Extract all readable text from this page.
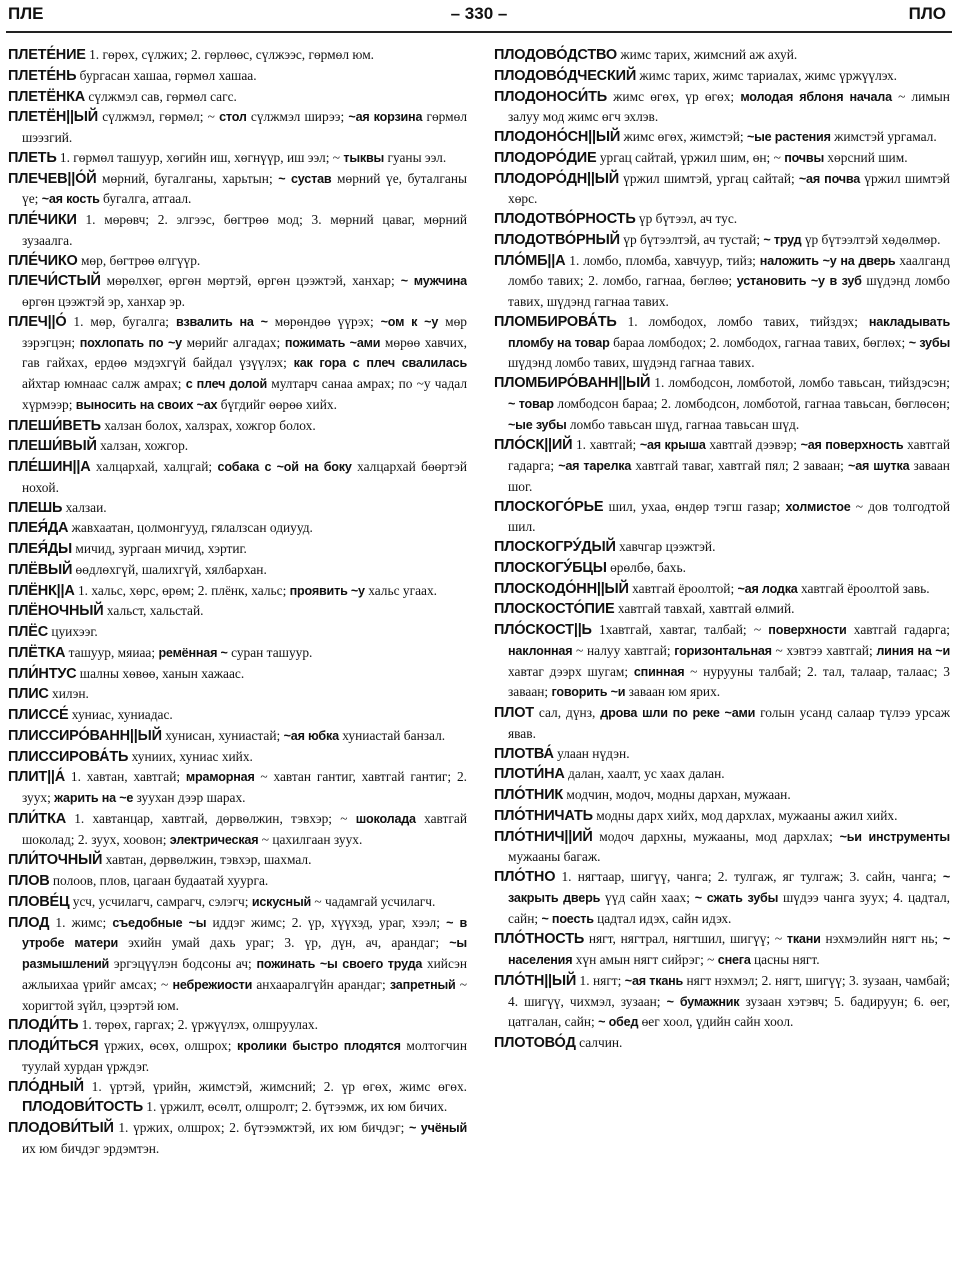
ПЛЕ	– 330 –	ПЛО

ПЛЕТЕ́НИЕ 1. гөрөх, сүлжих; 2. гөрлөөс, сүлжээс, гөрмөл юм.

ПЛЕТЕ́НЬ бургасан хашаа, гөрмөл хашаа.

ПЛЕТЁНКА сүлжмэл сав, гөрмөл сагс.

ПЛЕТЁН||ЫЙ сүлжмэл, гөрмөл; ~ стол сүлжмэл ширээ; ~ая корзина гөрмөл шээзгий.

ПЛЕТЬ 1. гөрмөл ташуур, хөгийн иш, хөгнүүр, иш ээл; ~ тыквы гуаны ээл.

ПЛЕЧЕВ||О́Й мөрний, бугалганы, харьтын; ~ сустав мөрний үе, буталганы үе; ~ая кость бугалга, атгаал.

ПЛЕ́ЧИКИ 1. мөрөвч; 2. элгээс, бөгтрөө мод; 3. мөрний цаваг, мөрний зузаалга.

ПЛЕ́ЧИКО мөр, бөгтрөө өлгүүр.

ПЛЕЧИ́СТЫЙ мөрөлхөг, өргөн мөртэй, өргөн цээжтэй, ханхар; ~ мужчина өргөн цээжтэй эр, ханхар эр.

ПЛЕЧ||О́ 1. мөр, бугалга; взвалить на ~ мөрөндөө үүрэх; ~ом к ~у мөр зэрэгцэн; похлопать по ~у мөрийг алгадах; пожимать ~ами мөрөө хавчих, гав гайхах, ердөө мэдэхгүй байдал үзүүлэх; как гора с плеч свалилась айхтар юмнаас салж амрах; с плеч долой мултарч санаа амрах; по ~у чадал хүрмээр; выносить на своих ~ах бүгдийг өөрөө хийх.

ПЛЕШИ́ВЕТЬ халзан болох, халзрах, хожгор болох.

ПЛЕШИ́ВЫЙ халзан, хожгор.

ПЛЕ́ШИН||А халцархай, халцгай; собака с ~ой на боку халцархай бөөртэй нохой.

ПЛЕШЬ халзаи.

ПЛЕЯ́ДА жавхаатан, цолмонгууд, гялалзсан одиууд.

ПЛЕЯ́ДЫ мичид, зургаан мичид, хэртиг.

ПЛЁВЫЙ өөдлөхгүй, шалихгүй, хялбархан.

ПЛЁНК||А 1. хальс, хөрс, өрөм; 2. плёнк, хальс; проявить ~у хальс угаах.

ПЛЁНОЧНЫЙ хальст, хальстай.

ПЛЁС цуихээг.

ПЛЁТКА ташуур, мяиаа; ремённая ~ суран ташуур.

ПЛИ́НТУС шалны хөвөө, ханын хажаас.

ПЛИС хилэн.

ПЛИССЕ́ хуниас, хуниадас.

ПЛИССИРО́ВАНН||ЫЙ хунисан, хуниастай; ~ая юбка хуниастай банзал.

ПЛИССИРОВА́ТЬ хуниих, хуниас хийх.

ПЛИТ||А́ 1. хавтан, хавтгай; мраморная ~ хавтан гантиг, хавтгай гантиг; 2. зуух; жарить на ~е зуухан дээр шарах.

ПЛИ́ТКА 1. хавтанцар, хавтгай, дөрвөлжин, тэвхэр; ~ шоколада хавтгай шоколад; 2. зуух, хоовон; электрическая ~ цахилгаан зуух.

ПЛИ́ТОЧНЫЙ хавтан, дөрвөлжин, тэвхэр, шахмал.

ПЛОВ полоов, плов, цагаан будаатай хуурга.

ПЛОВЕ́Ц усч, усчилагч, самрагч, сэлэгч; искусный ~ чадамгай усчилагч.

ПЛОД 1. жимс; съедобные ~ы иддэг жимс; 2. үр, хүүхэд, ураг, хээл; ~ в утробе матери эхийн умай дахь ураг; 3. үр, дүн, ач, арандаг; ~ы размышлений эргэцүүлэн бодсоны ач; пожинать ~ы своего труда хийсэн ажлыихаа үрийг амсах; ~ небрежиости анхааралгүйн арандаг; запретный ~ хоригтой зүйл, цээртэй юм.

ПЛОДИ́ТЬ 1. төрөх, гаргах; 2. үржүүлэх, олшруулах.

ПЛОДИ́ТЬСЯ үржих, өсөх, олшрох; кролики быстро плодятся молтогчин туулай хурдан үрждэг.

ПЛО́ДНЫЙ 1. үртэй, үрийн, жимстэй, жимсний; 2. үр өгөх, жимс өгөх. ПЛОДОВИ́ТОСТЬ 1. үржилт, өсөлт, олшролт; 2. бүтээмж, их юм бичих.

ПЛОДОВИ́ТЫЙ 1. үржих, олшрох; 2. бүтээмжтэй, их юм бичдэг; ~ учёный их юм бичдэг эрдэмтэн.

ПЛОДОВО́ДСТВО жимс тарих, жимсний аж ахуй.

ПЛОДОВО́ДЧЕСКИЙ жимс тарих, жимс тариалах, жимс үржүүлэх.

ПЛОДОНОСИ́ТЬ жимс өгөх, үр өгөх; молодая яблоня начала ~ лимын залуу мод жимс өгч эхлэв.

ПЛОДОНО́СН||ЫЙ жимс өгөх, жимстэй; ~ые растения жимстэй ургамал.

ПЛОДОРО́ДИЕ ургац сайтай, үржил шим, өн; ~ почвы хөрсний шим.

ПЛОДОРО́ДН||ЫЙ үржил шимтэй, ургац сайтай; ~ая почва үржил шимтэй хөрс.

ПЛОДОТВО́РНОСТЬ үр бүтээл, ач тус.

ПЛОДОТВО́РНЫЙ үр бүтээлтэй, ач тустай; ~ труд үр бүтээлтэй хөдөлмөр.

ПЛО́МБ||А 1. ломбо, пломба, хавчуур, тийз; наложить ~у на дверь хаалганд ломбо тавих; 2. ломбо, гагнаа, бөглөө; установить ~у в зуб шүдэнд ломбо тавих, шүдэнд гагнаа тавих.

ПЛОМБИРОВА́ТЬ 1. ломбодох, ломбо тавих, тийздэх; накладывать пломбу на товар бараа ломбодох; 2. ломбодох, гагнаа тавих, бөглөх; ~ зубы шүдэнд ломбо тавих, шүдэнд гагнаа тавих.

ПЛОМБИРО́ВАНН||ЫЙ 1. ломбодсон, ломботой, ломбо тавьсан, тийздэсэн; ~ товар ломбодсон бараа; 2. ломбодсон, ломботой, гагнаа тавьсан, бөглөсөн; ~ые зубы ломбо тавьсан шүд, гагнаа тавьсан шүд.

ПЛО́СК||ИЙ 1. хавтгай; ~ая крыша хавтгай дээвэр; ~ая поверхность хавтгай гадарга; ~ая тарелка хавтгай таваг, хавтгай пял; 2 заваан; ~ая шутка заваан шог.

ПЛОСКОГО́РЬЕ шил, ухаа, өндөр тэгш газар; холмистое ~ дов толгодтой шил.

ПЛОСКОГРУ́ДЫЙ хавчгар цээжтэй.

ПЛОСКОГУ́БЦЫ өрөлбө, бахь.

ПЛОСКОДО́НН||ЫЙ хавтгай ёроолтой; ~ая лодка хавтгай ёроолтой завь.

ПЛОСКОСТО́ПИЕ хавтгай тавхай, хавтгай өлмий.

ПЛО́СКОСТ||Ь 1хавтгай, хавтаг, талбай; ~ поверхности хавтгай гадарга; наклонная ~ налуу хавтгай; горизонтальная ~ хэвтээ хавтгай; линия на ~и хавтаг дээрх шугам; спинная ~ нурууны талбай; 2. тал, талаар, талаас; 3 заваан; говорить ~и заваан юм ярих.

ПЛОТ сал, дүнз, дрова шли по реке ~ами голын усанд салаар түлээ урсаж явав.

ПЛОТВА́ улаан нүдэн.

ПЛОТИ́НА далан, хаалт, ус хаах далан.

ПЛО́ТНИК модчин, модоч, модны дархан, мужаан.

ПЛО́ТНИЧАТЬ модны дарх хийх, мод дархлах, мужааны ажил хийх.

ПЛО́ТНИЧ||ИЙ модоч дархны, мужааны, мод дархлах; ~ьи инструменты мужааны багаж.

ПЛО́ТНО 1. нягтаар, шигүү, чанга; 2. тулгаж, яг тулгаж; 3. сайн, чанга; ~ закрыть дверь үүд сайн хаах; ~ сжать зубы шүдээ чанга зуух; 4. цадтал, сайн; ~ поесть цадтал идэх, сайн идэх.

ПЛО́ТНОСТЬ нягт, нягтрал, нягтшил, шигүү; ~ ткани нэхмэлийн нягт нь; ~ населения хүн амын нягт сийрэг; ~ снега цасны нягт.

ПЛО́ТН||ЫЙ 1. нягт; ~ая ткань нягт нэхмэл; 2. нягт, шигүү; 3. зузаан, чамбай; 4. шигүү, чихмэл, зузаан; ~ бумажник зузаан хэтэвч; 5. бадируун; 6. өег, цатгалан, сайн; ~ обед өег хоол, үдийн сайн хоол.

ПЛОТОВО́Д салчин.
